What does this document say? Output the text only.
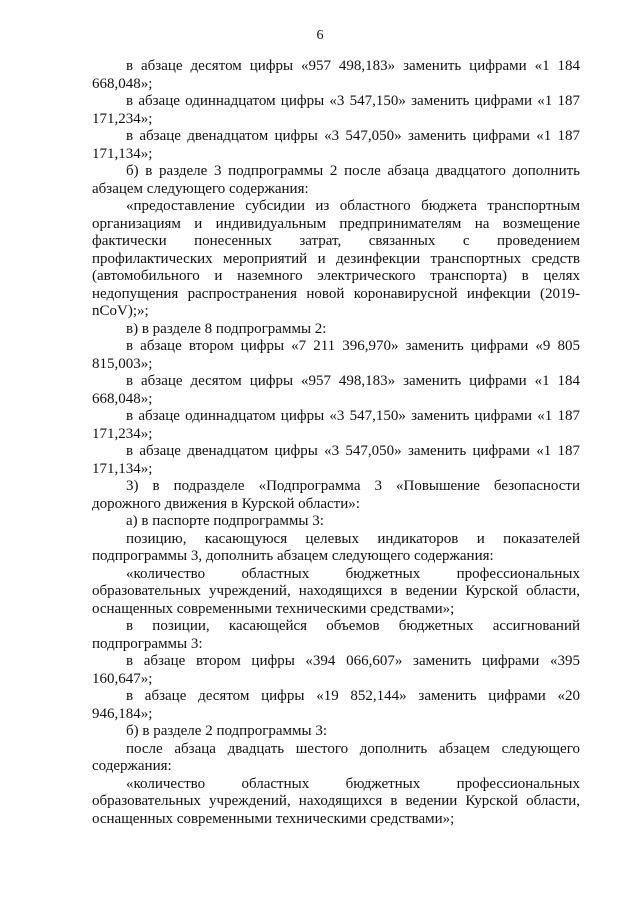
6

в абзаце десятом цифры «957 498,183» заменить цифрами «1 184 668,048»;

в абзаце одиннадцатом цифры «3 547,150» заменить цифрами «1 187 171,234»;

в абзаце двенадцатом цифры «3 547,050» заменить цифрами «1 187 171,134»;

б) в разделе 3 подпрограммы 2 после абзаца двадцатого дополнить абзацем следующего содержания:

«предоставление субсидии из областного бюджета транспортным организациям и индивидуальным предпринимателям на возмещение фактически понесенных затрат, связанных с проведением профилактических мероприятий и дезинфекции транспортных средств (автомобильного и наземного электрического транспорта) в целях недопущения распространения новой коронавирусной инфекции (2019-nCoV);»;

в) в разделе 8 подпрограммы 2:

в абзаце втором цифры «7 211 396,970» заменить цифрами «9 805 815,003»;

в абзаце десятом цифры «957 498,183» заменить цифрами «1 184 668,048»;

в абзаце одиннадцатом цифры «3 547,150» заменить цифрами «1 187 171,234»;

в абзаце двенадцатом цифры «3 547,050» заменить цифрами «1 187 171,134»;

3) в подразделе «Подпрограмма 3 «Повышение безопасности дорожного движения в Курской области»:

а) в паспорте подпрограммы 3:

позицию, касающуюся целевых индикаторов и показателей подпрограммы 3, дополнить абзацем следующего содержания:

«количество областных бюджетных профессиональных образовательных учреждений, находящихся в ведении Курской области, оснащенных современными техническими средствами»;

в позиции, касающейся объемов бюджетных ассигнований подпрограммы 3:

в абзаце втором цифры «394 066,607» заменить цифрами «395 160,647»;

в абзаце десятом цифры «19 852,144» заменить цифрами «20 946,184»;

б) в разделе 2 подпрограммы 3:

после абзаца двадцать шестого дополнить абзацем следующего содержания:

«количество областных бюджетных профессиональных образовательных учреждений, находящихся в ведении Курской области, оснащенных современными техническими средствами»;
